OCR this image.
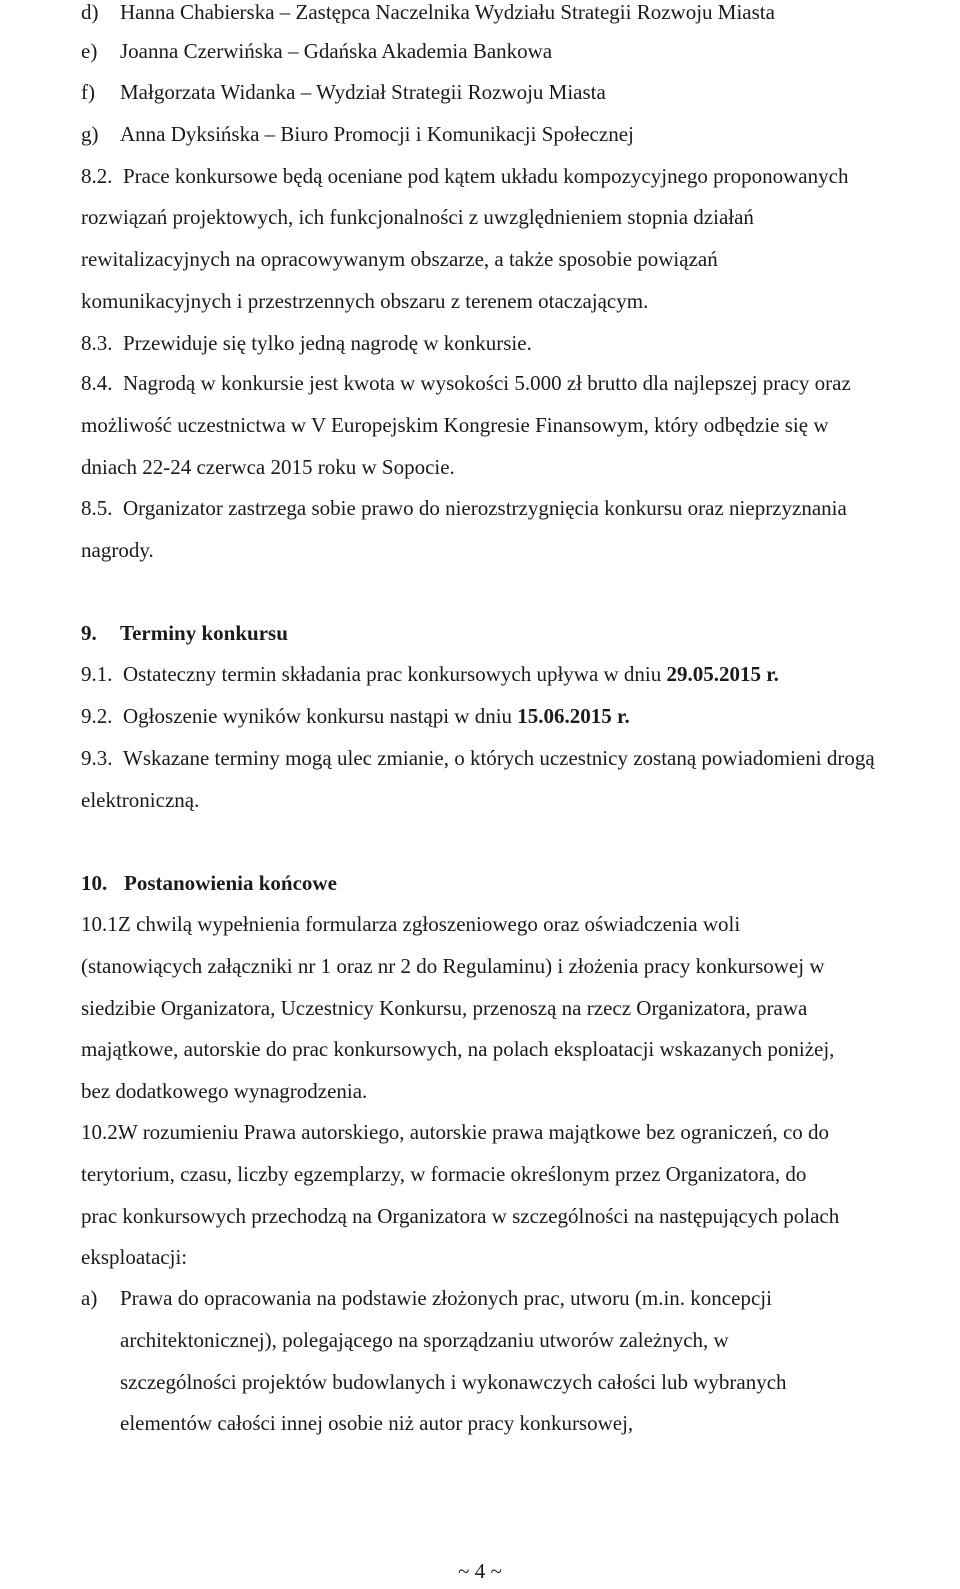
d) Hanna Chabierska – Zastępca Naczelnika Wydziału Strategii Rozwoju Miasta
e) Joanna Czerwińska – Gdańska Akademia Bankowa
f) Małgorzata Widanka – Wydział Strategii Rozwoju Miasta
g) Anna Dyksińska – Biuro Promocji i Komunikacji Społecznej
8.2. Prace konkursowe będą oceniane pod kątem układu kompozycyjnego proponowanych
rozwiązań projektowych, ich funkcjonalności z uwzględnieniem stopnia działań
rewitalizacyjnych na opracowywanym obszarze, a także sposobie powiązań
komunikacyjnych i przestrzennych obszaru z terenem otaczającym.
8.3. Przewiduje się tylko jedną nagrodę w konkursie.
8.4. Nagrodą w konkursie jest kwota w wysokości 5.000 zł brutto dla najlepszej pracy oraz
możliwość uczestnictwa w V Europejskim Kongresie Finansowym, który odbędzie się w
dniach 22-24 czerwca 2015 roku w Sopocie.
8.5. Organizator zastrzega sobie prawo do nierozstrzygnięcia konkursu oraz nieprzyznania
nagrody.
9. Terminy konkursu
9.1. Ostateczny termin składania prac konkursowych upływa w dniu 29.05.2015 r.
9.2. Ogłoszenie wyników konkursu nastąpi w dniu 15.06.2015 r.
9.3. Wskazane terminy mogą ulec zmianie, o których uczestnicy zostaną powiadomieni drogą
elektroniczną.
10. Postanowienia końcowe
10.1.
Z chwilą wypełnienia formularza zgłoszeniowego oraz oświadczenia woli
(stanowiących załączniki nr 1 oraz nr 2 do Regulaminu) i złożenia pracy konkursowej w
siedzibie Organizatora, Uczestnicy Konkursu, przenoszą na rzecz Organizatora, prawa
majątkowe, autorskie do prac konkursowych, na polach eksploatacji wskazanych poniżej,
bez dodatkowego wynagrodzenia.
10.2.
W rozumieniu Prawa autorskiego, autorskie prawa majątkowe bez ograniczeń, co do
terytorium, czasu, liczby egzemplarzy, w formacie określonym przez Organizatora, do
prac konkursowych przechodzą na Organizatora w szczególności na następujących polach
eksploatacji:
a) Prawa do opracowania na podstawie złożonych prac, utworu (m.in. koncepcji
architektonicznej), polegającego na sporządzaniu utworów zależnych, w
szczególności projektów budowlanych i wykonawczych całości lub wybranych
elementów całości innej osobie niż autor pracy konkursowej,
~ 4 ~
